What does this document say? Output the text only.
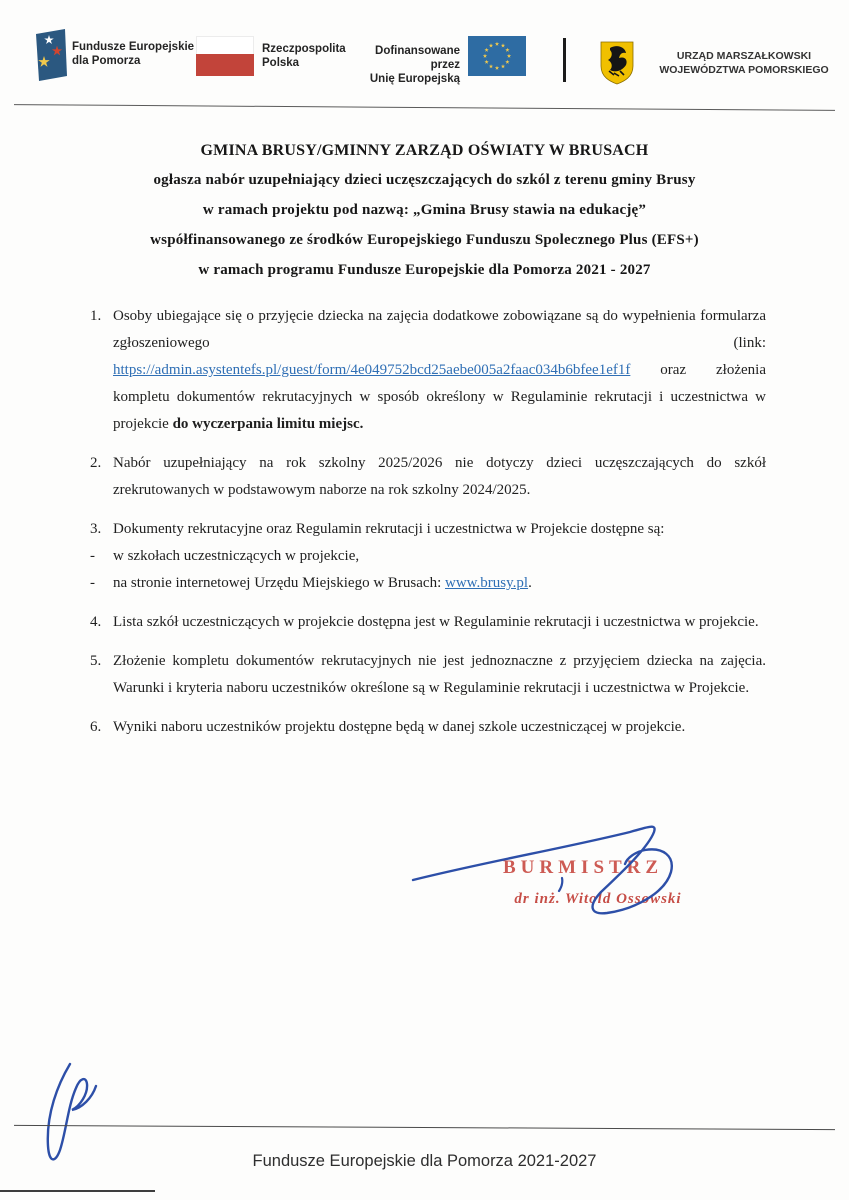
Fundusze Europejskie
dla Pomorza
Rzeczpospolita
Polska
Dofinansowane przez
Unię Europejską
URZĄD MARSZAŁKOWSKI
WOJEWÓDZTWA POMORSKIEGO

GMINA BRUSY/GMINNY ZARZĄD OŚWIATY W BRUSACH

ogłasza nabór uzupełniający dzieci uczęszczających do szkól z terenu gminy Brusy

w ramach projektu pod nazwą: „Gmina Brusy stawia na edukację”

współfinansowanego ze środków Europejskiego Funduszu Spolecznego Plus (EFS+)

w ramach programu Fundusze Europejskie dla Pomorza 2021 - 2027

1. Osoby ubiegające się o przyjęcie dziecka na zajęcia dodatkowe zobowiązane są do wypełnienia formularza zgłoszeniowego (link: https://admin.asystentefs.pl/guest/form/4e049752bcd25aebe005a2faac034b6bfee1ef1f oraz złożenia kompletu dokumentów rekrutacyjnych w sposób określony w Regulaminie rekrutacji i uczestnictwa w projekcie do wyczerpania limitu miejsc.
2. Nabór uzupełniający na rok szkolny 2025/2026 nie dotyczy dzieci uczęszczających do szkół zrekrutowanych w podstawowym naborze na rok szkolny 2024/2025.
3. Dokumenty rekrutacyjne oraz Regulamin rekrutacji i uczestnictwa w Projekcie dostępne są:
-	w szkołach uczestniczących w projekcie,
-	na stronie internetowej Urzędu Miejskiego w Brusach: www.brusy.pl.
4. Lista szkół uczestniczących w projekcie dostępna jest w Regulaminie rekrutacji i uczestnictwa w projekcie.
5. Złożenie kompletu dokumentów rekrutacyjnych nie jest jednoznaczne z przyjęciem dziecka na zajęcia. Warunki i kryteria naboru uczestników określone są w Regulaminie rekrutacji i uczestnictwa w Projekcie.
6. Wyniki naboru uczestników projektu dostępne będą w danej szkole uczestniczącej w projekcie.
BURMISTRZ
dr inż. Witold Ossowski
Fundusze Europejskie dla Pomorza 2021-2027
